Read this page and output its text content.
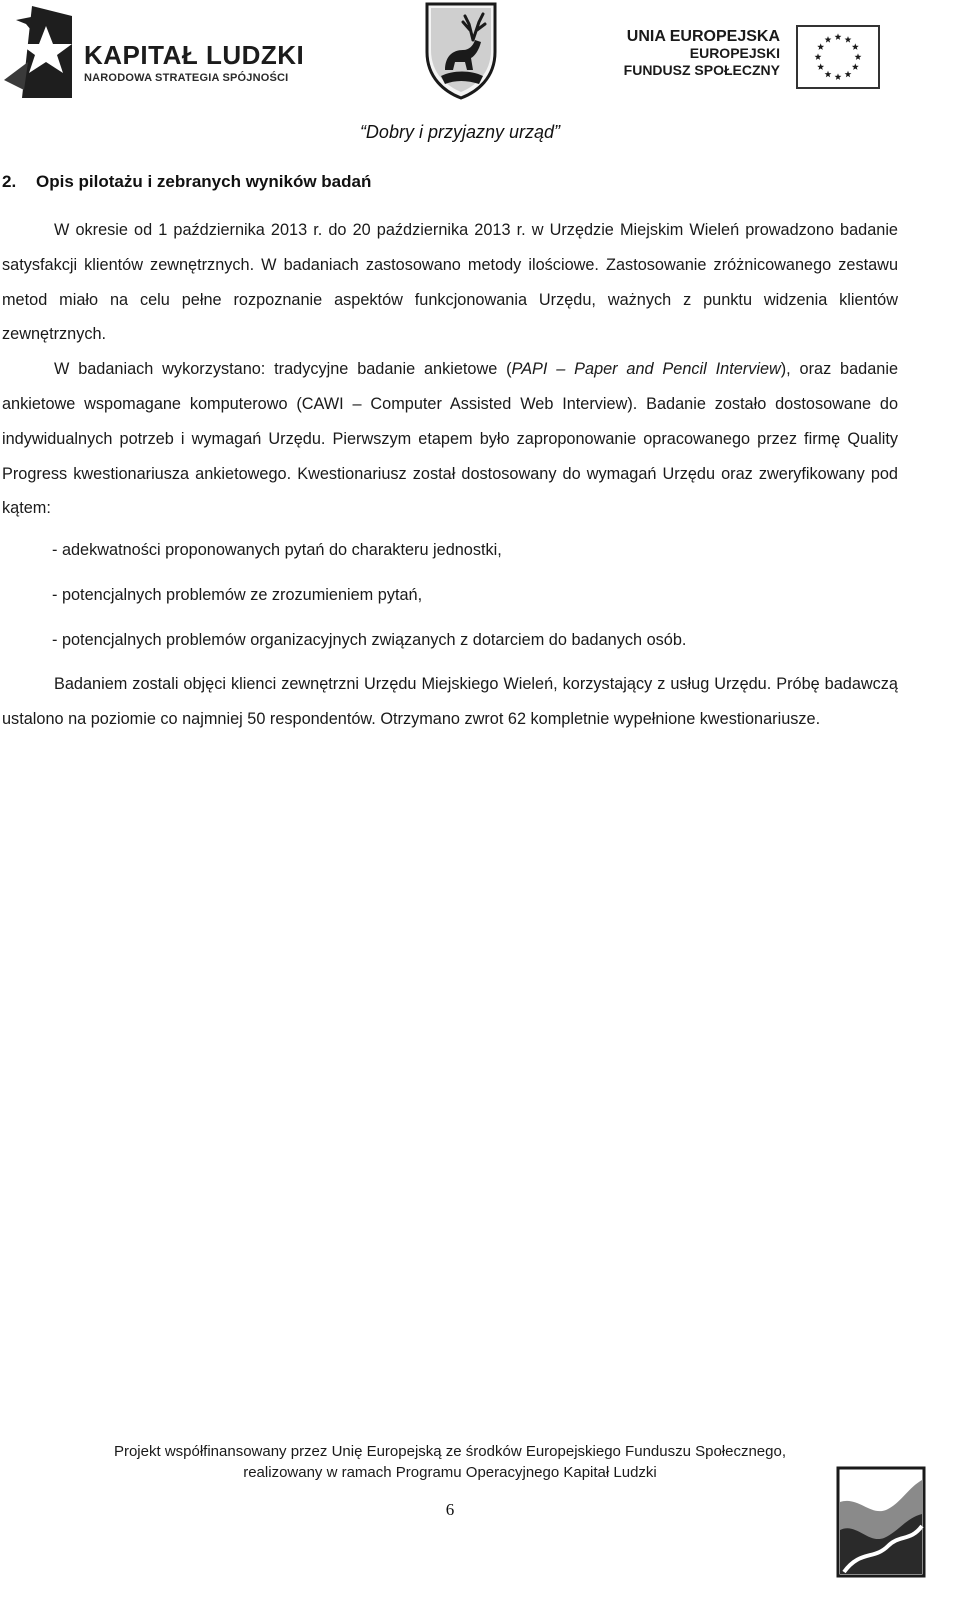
KAPITAŁ LUDZKI
NARODOWA STRATEGIA SPÓJNOŚCI
UNIA EUROPEJSKA
EUROPEJSKI
FUNDUSZ SPOŁECZNY
“Dobry i przyjazny urząd”
2. Opis pilotażu i zebranych wyników badań

W okresie od 1 października 2013 r. do 20 października 2013 r. w Urzędzie Miejskim Wieleń prowadzono badanie satysfakcji klientów zewnętrznych. W badaniach zastosowano metody ilościowe. Zastosowanie zróżnicowanego zestawu metod miało na celu pełne rozpoznanie aspektów funkcjonowania Urzędu, ważnych z punktu widzenia klientów zewnętrznych.

W badaniach wykorzystano: tradycyjne badanie ankietowe (PAPI – Paper and Pencil Interview), oraz badanie ankietowe wspomagane komputerowo (CAWI – Computer Assisted Web Interview). Badanie zostało dostosowane do indywidualnych potrzeb i wymagań Urzędu. Pierwszym etapem było zaproponowanie opracowanego przez firmę Quality Progress kwestionariusza ankietowego. Kwestionariusz został dostosowany do wymagań Urzędu oraz zweryfikowany pod kątem:

- adekwatności proponowanych pytań do charakteru jednostki,

- potencjalnych problemów ze zrozumieniem pytań,

- potencjalnych problemów organizacyjnych związanych z dotarciem do badanych osób.

Badaniem zostali objęci klienci zewnętrzni Urzędu Miejskiego Wieleń, korzystający z usług Urzędu. Próbę badawczą ustalono na poziomie co najmniej 50 respondentów. Otrzymano zwrot 62 kompletnie wypełnione kwestionariusze.

Projekt współfinansowany przez Unię Europejską ze środków Europejskiego Funduszu Społecznego,
realizowany w ramach Programu Operacyjnego Kapitał Ludzki
6
